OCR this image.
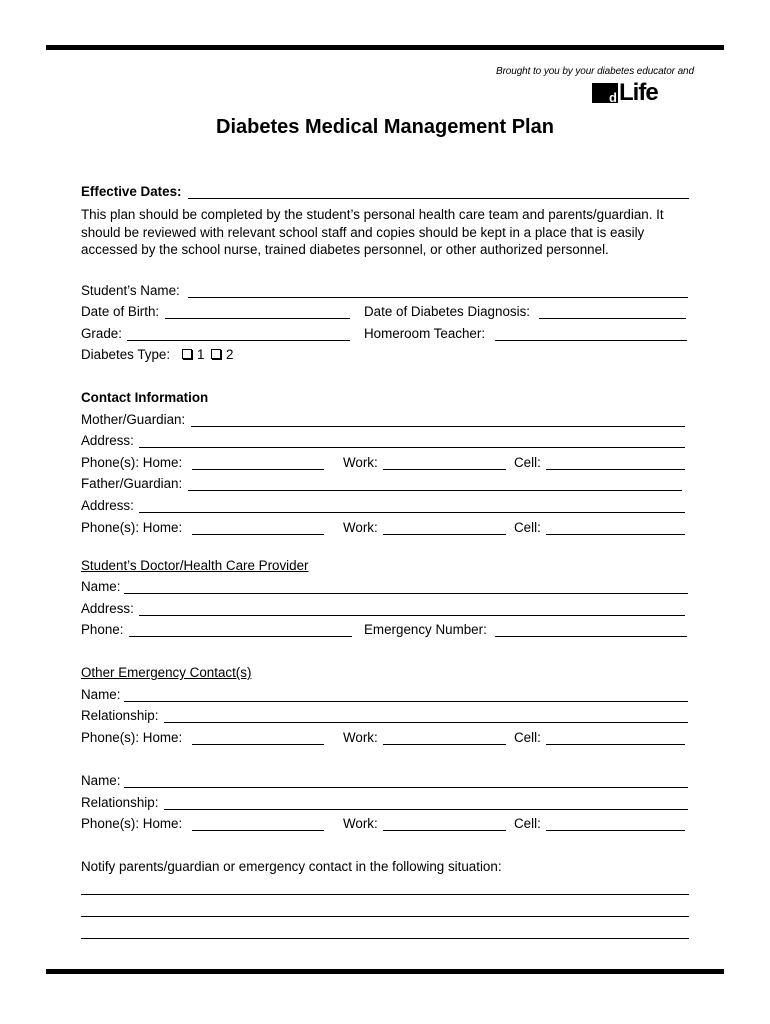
Brought to you by your diabetes educator and
d Life
Diabetes Medical Management Plan
Effective Dates:
This plan should be completed by the student’s personal health care team and parents/guardian. It should be reviewed with relevant school staff and copies should be kept in a place that is easily accessed by the school nurse, trained diabetes personnel, or other authorized personnel.
Student’s Name:
Date of Birth:	Date of Diabetes Diagnosis:
Grade:	Homeroom Teacher:
Diabetes Type:	1	2
Contact Information
Mother/Guardian:
Address:
Phone(s): Home:	Work:	Cell:
Father/Guardian:
Address:
Phone(s): Home:	Work:	Cell:
Student’s Doctor/Health Care Provider
Name:
Address:
Phone:	Emergency Number:
Other Emergency Contact(s)
Name:
Relationship:
Phone(s): Home:	Work:	Cell:
Name:
Relationship:
Phone(s): Home:	Work:	Cell:
Notify parents/guardian or emergency contact in the following situation:
